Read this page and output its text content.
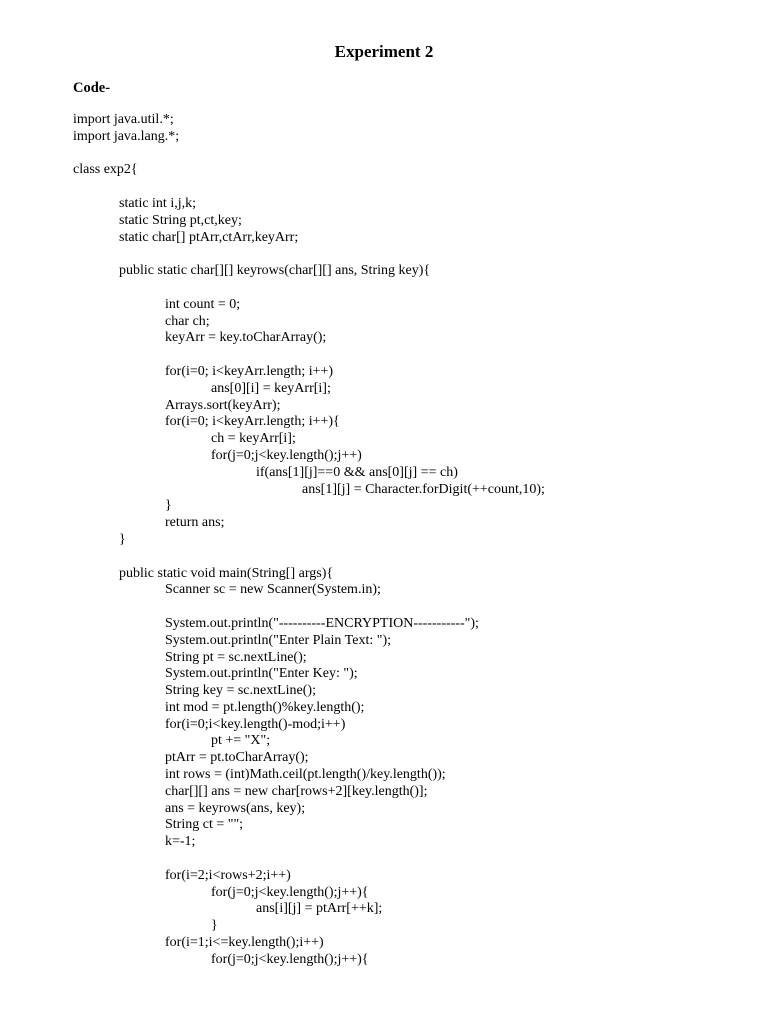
Experiment 2
Code-
import java.util.*;
import java.lang.*;
class exp2{
static int i,j,k;
static String pt,ct,key;
static char[] ptArr,ctArr,keyArr;
public static char[][] keyrows(char[][] ans, String key){
int count = 0;
char ch;
keyArr = key.toCharArray();
for(i=0; i<keyArr.length; i++)
ans[0][i] = keyArr[i];
Arrays.sort(keyArr);
for(i=0; i<keyArr.length; i++){
ch = keyArr[i];
for(j=0;j<key.length();j++)
if(ans[1][j]==0 && ans[0][j] == ch)
ans[1][j] = Character.forDigit(++count,10);
}
return ans;
}
public static void main(String[] args){
Scanner sc = new Scanner(System.in);
System.out.println("----------ENCRYPTION-----------");
System.out.println("Enter Plain Text: ");
String pt = sc.nextLine();
System.out.println("Enter Key: ");
String key = sc.nextLine();
int mod = pt.length()%key.length();
for(i=0;i<key.length()-mod;i++)
pt += "X";
ptArr = pt.toCharArray();
int rows = (int)Math.ceil(pt.length()/key.length());
char[][] ans = new char[rows+2][key.length()];
ans = keyrows(ans, key);
String ct = "";
k=-1;
for(i=2;i<rows+2;i++)
for(j=0;j<key.length();j++){
ans[i][j] = ptArr[++k];
}
for(i=1;i<=key.length();i++)
for(j=0;j<key.length();j++){
